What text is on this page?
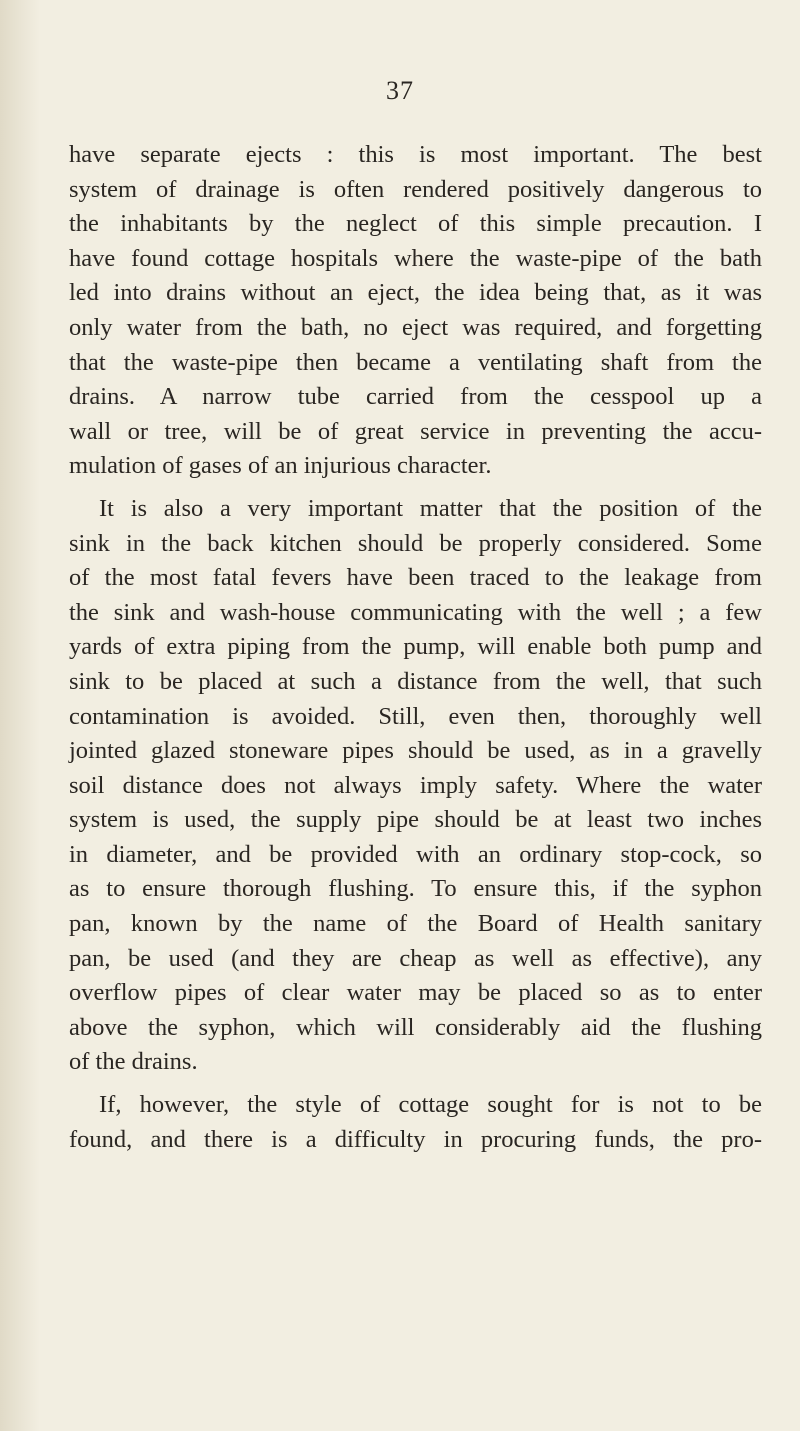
37
have separate ejects : this is most important. The best
system of drainage is often rendered positively dangerous to
the inhabitants by the neglect of this simple precaution. I
have found cottage hospitals where the waste-pipe of the bath
led into drains without an eject, the idea being that, as it was
only water from the bath, no eject was required, and forgetting
that the waste-pipe then became a ventilating shaft from the
drains. A narrow tube carried from the cesspool up a
wall or tree, will be of great service in preventing the accu-
mulation of gases of an injurious character.
It is also a very important matter that the position of the
sink in the back kitchen should be properly considered. Some
of the most fatal fevers have been traced to the leakage from
the sink and wash-house communicating with the well ; a few
yards of extra piping from the pump, will enable both pump and
sink to be placed at such a distance from the well, that such
contamination is avoided. Still, even then, thoroughly well
jointed glazed stoneware pipes should be used, as in a gravelly
soil distance does not always imply safety. Where the water
system is used, the supply pipe should be at least two inches
in diameter, and be provided with an ordinary stop-cock, so
as to ensure thorough flushing. To ensure this, if the syphon
pan, known by the name of the Board of Health sanitary
pan, be used (and they are cheap as well as effective), any
overflow pipes of clear water may be placed so as to enter
above the syphon, which will considerably aid the flushing
of the drains.
If, however, the style of cottage sought for is not to be
found, and there is a difficulty in procuring funds, the pro-
